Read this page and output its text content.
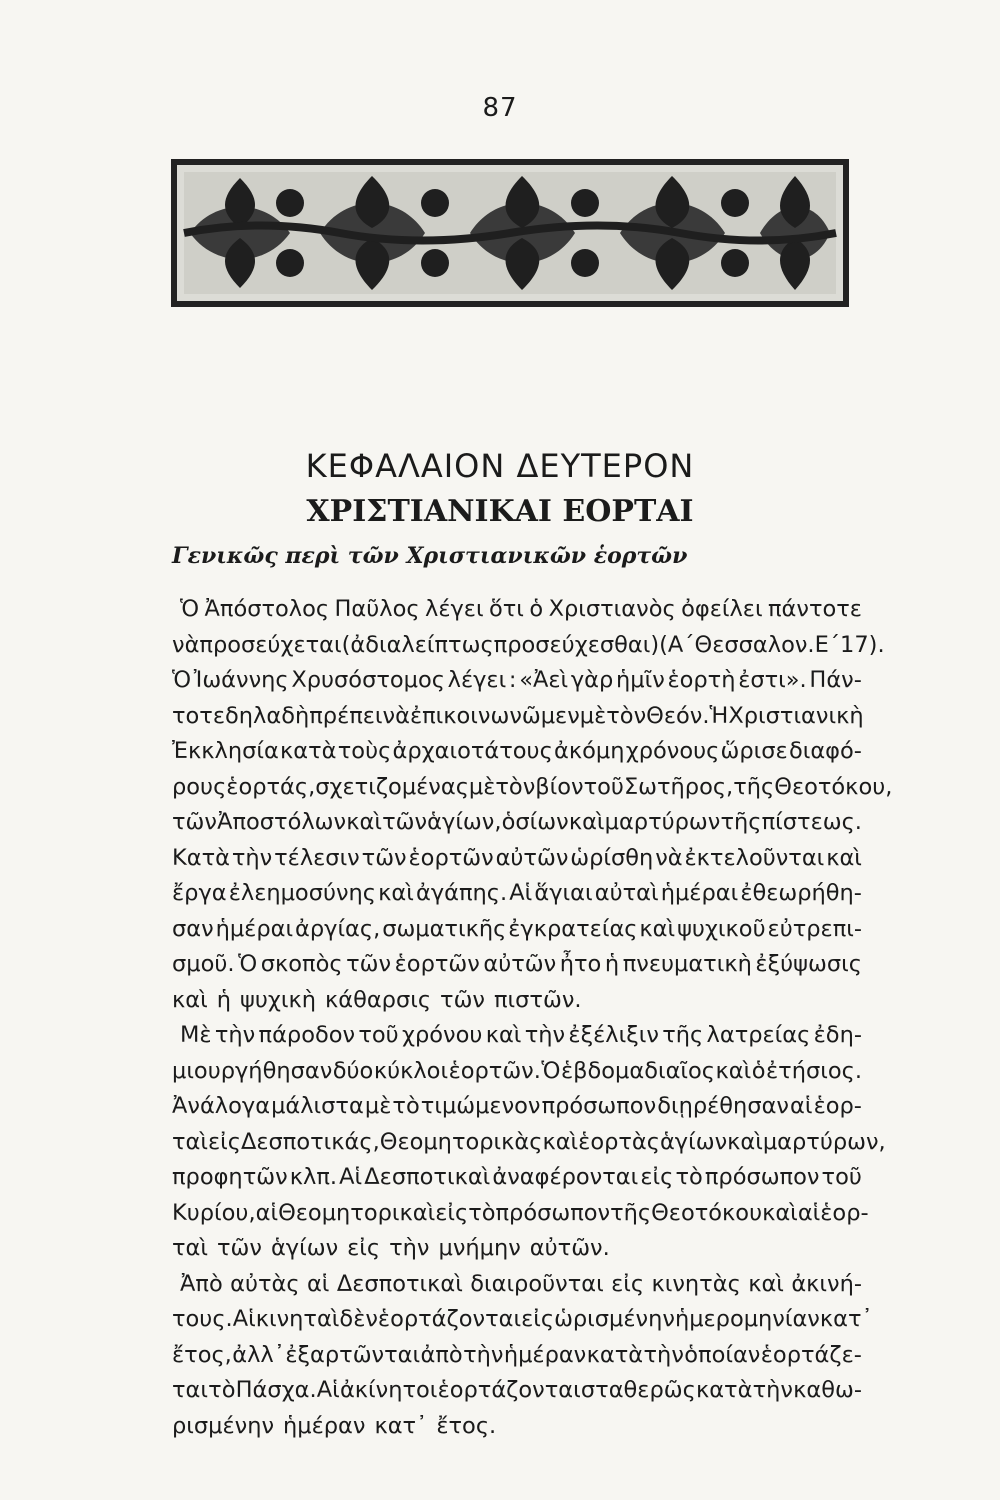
87
ΚΕΦΑΛΑΙΟΝ ΔΕΥΤΕΡΟΝ
ΧΡΙΣΤΙΑΝΙΚΑΙ ΕΟΡΤΑΙ
Γενικῶς περὶ τῶν Χριστιανικῶν ἑορτῶν
Ὁ Ἀπόστολος Παῦλος λέγει ὅτι ὁ Χριστιανὸς ὀφείλει πάντοτε
νὰ προσεύχεται (ἀδιαλείπτως προσεύχεσθαι) (Α΄ Θεσσαλον. Ε΄ 17).
Ὁ Ἰωάννης Χρυσόστομος λέγει : «Ἀεὶ γὰρ ἡμῖν ἑορτὴ ἐστι». Πάν-
τοτε δηλαδὴ πρέπει νὰ ἐπικοινωνῶμεν μὲ τὸν Θεόν. Ἡ Χριστιανικὴ
Ἐκκλησία κατὰ τοὺς ἀρχαιοτάτους ἀκόμη χρόνους ὥρισε διαφό-
ρους ἑορτάς, σχετιζομένας μὲ τὸν βίον τοῦ Σωτῆρος, τῆς Θεοτόκου,
τῶν Ἀποστόλων καὶ τῶν ἁγίων, ὁσίων καὶ μαρτύρων τῆς πίστεως.
Κατὰ τὴν τέλεσιν τῶν ἑορτῶν αὐτῶν ὡρίσθη νὰ ἐκτελοῦνται καὶ
ἔργα ἐλεημοσύνης καὶ ἀγάπης. Αἱ ἅγιαι αὐταὶ ἡμέραι ἐθεωρήθη-
σαν ἡμέραι ἀργίας, σωματικῆς ἐγκρατείας καὶ ψυχικοῦ εὐτρεπι-
σμοῦ. Ὁ σκοπὸς τῶν ἑορτῶν αὐτῶν ἦτο ἡ πνευματικὴ ἐξύψωσις
καὶ ἡ ψυχικὴ κάθαρσις τῶν πιστῶν.
Μὲ τὴν πάροδον τοῦ χρόνου καὶ τὴν ἐξέλιξιν τῆς λατρείας ἐδη-
μιουργήθησαν δύο κύκλοι ἑορτῶν. Ὁ ἑβδομαδιαῖος καὶ ὁ ἐτήσιος.
Ἀνάλογα μάλιστα μὲ τὸ τιμώμενον πρόσωπον διῃρέθησαν αἱ ἑορ-
ταὶ εἰς Δεσποτικάς, Θεομητορικὰς καὶ ἑορτὰς ἁγίων καὶ μαρτύρων,
προφητῶν κλπ. Αἱ Δεσποτικαὶ ἀναφέρονται εἰς τὸ πρόσωπον τοῦ
Κυρίου, αἱ Θεομητορικαὶ εἰς τὸ πρόσωπον τῆς Θεοτόκου καὶ αἱ ἑορ-
ταὶ τῶν ἁγίων εἰς τὴν μνήμην αὐτῶν.
Ἀπὸ αὐτὰς αἱ Δεσποτικαὶ διαιροῦνται εἰς κινητὰς καὶ ἀκινή-
τους. Αἱ κινηταὶ δὲν ἑορτάζονται εἰς ὡρισμένην ἡμερομηνίαν κατ᾽
ἔτος, ἀλλ᾽ ἐξαρτῶνται ἀπὸ τὴν ἡμέραν κατὰ τὴν ὁποίαν ἑορτάζε-
ται τὸ Πάσχα. Αἱ ἀκίνητοι ἑορτάζονται σταθερῶς κατὰ τὴν καθω-
ρισμένην ἡμέραν κατ᾽ ἔτος.
